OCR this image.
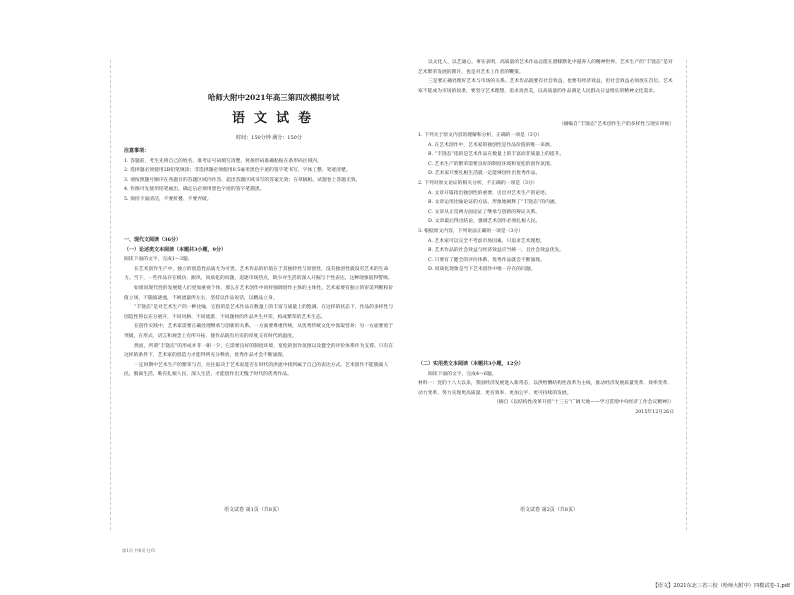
哈师大附中2021年高三第四次模拟考试
语文试卷
时间：150分钟 满分：150分
注意事项：
1. 答题前，考生先将自己的姓名、准考证号码填写清楚，将条形码准确粘贴在条形码区域内。
2. 选择题必须使用2B铅笔填涂；非选择题必须使用0.5毫米黑色字迹的签字笔书写，字体工整、笔迹清楚。
3. 请按照题号顺序在各题目的答题区域内作答，超出答题区域书写的答案无效；在草稿纸、试题卷上答题无效。
4. 作图可先使用铅笔画出，确定后必须用黑色字迹的签字笔描黑。
5. 保持卡面清洁，不要折叠、不要弄破。
一、现代文阅读（36分）
（一）论述类文本阅读（本题共3小题，9分）
阅读下面的文字，完成1～3题。
在艺术创作生产中，独立的创造性品质尤为可贵。艺术作品的价值在于其独特性与原创性，没有独创性就没有艺术的生命力。当下，一些作品存在模仿、跟风、同质化的问题，追逐市场热点，缺少对生活的深入开掘与个性表达，这种现象值得警惕。
如果说现代性的发展使人们更加重视个体，那么在艺术创作中同样强调创作主体的主体性。艺术家要有独立的审美判断和价值立场，不随波逐流，不被流量所左右，坚持以作品说话，以精品立身。
“丰饶态”是对艺术生产的一种比喻，它指的是艺术作品在数量上的丰富与质量上的饱满。在这样的状态下，作品的多样性与创造性得以充分展开，不同风格、不同流派、不同题材的作品共生共荣，构成繁荣的艺术生态。
在创作实践中，艺术家需要正确处理继承与创新的关系。一方面要尊重传统，从优秀传统文化中汲取营养；另一方面要勇于突破，在形式、语言和观念上有所开拓，使作品既有历史的厚度又有时代的温度。
然而，所谓“丰饶态”的形成并非一朝一夕，它需要良好的制度环境、宽松的创作氛围以及健全的评价体系作为支撑。只有在这样的条件下，艺术家的创造力才能得到充分释放，优秀作品才会不断涌现。
一定时期中艺术生产的繁荣与否，往往取决于艺术家能否在时代的洪流中找到属于自己的表达方式。艺术创作不能脱离人民，脱离生活，唯有扎根人民、深入生活，才能创作出无愧于时代的优秀作品。
语文试卷 第1页（共8页）
第1页 共8页 打印
以文化人，以艺通心。事实表明，高质量的艺术作品总能在潜移默化中滋养人的精神世界。艺术生产的“丰饶态”是对艺术繁荣发展的期许，也是对艺术工作者的鞭策。
三是要正确处理好艺术与市场的关系。艺术作品既要有社会效益，也要有经济效益，但社会效益必须放在首位。艺术家不能成为市场的奴隶，要坚守艺术理想，追求真善美，以高质量的作品满足人民群众日益增长的精神文化需求。
（摘编自“丰饶态”艺术创作生产的多样性与现实审视）
1. 下列关于原文内容的理解和分析，正确的一项是（3分）
A. 在艺术创作中，艺术家的独创性是作品价值的唯一来源。
B. “丰饶态”指的是艺术作品在数量上的丰富而非质量上的提升。
C. 艺术生产的繁荣需要良好的制度环境和宽松的创作氛围。
D. 艺术家只要扎根生活就一定能够创作出优秀作品。
2. 下列对原文论证的相关分析，不正确的一项是（3分）
A. 文章开篇指出独创性的重要，引出对艺术生产的论述。
B. 文章运用比喻论证的方法，形象地阐释了“丰饶态”的内涵。
C. 文章从正反两方面论证了继承与创新的辩证关系。
D. 文章最后得出结论，强调艺术创作必须扎根人民。
3. 根据原文内容，下列说法正确的一项是（3分）
A. 艺术家可以完全不考虑市场因素，只追求艺术理想。
B. 艺术作品的社会效益与经济效益应当统一，且社会效益优先。
C. 只要有了健全的评价体系，优秀作品就会不断涌现。
D. 同质化现象是当下艺术创作中唯一存在的问题。
（二）实用类文本阅读（本题共3小题，12分）
阅读下面的文字，完成4～6题。
材料一：党的十八大以来，我国经济发展进入新常态，以供给侧结构性改革为主线，推动经济发展质量变革、效率变革、动力变革，努力实现更高质量、更有效率、更加公平、更可持续的发展。
（摘自《以结构性改革开创“十三五”广阔天地——学习贯彻中央经济工作会议精神》）
2015年12月26日
语文试卷 第2页（共8页）
【语文】2021东北三省三校（哈师大附中）四模试卷-1.pdf
